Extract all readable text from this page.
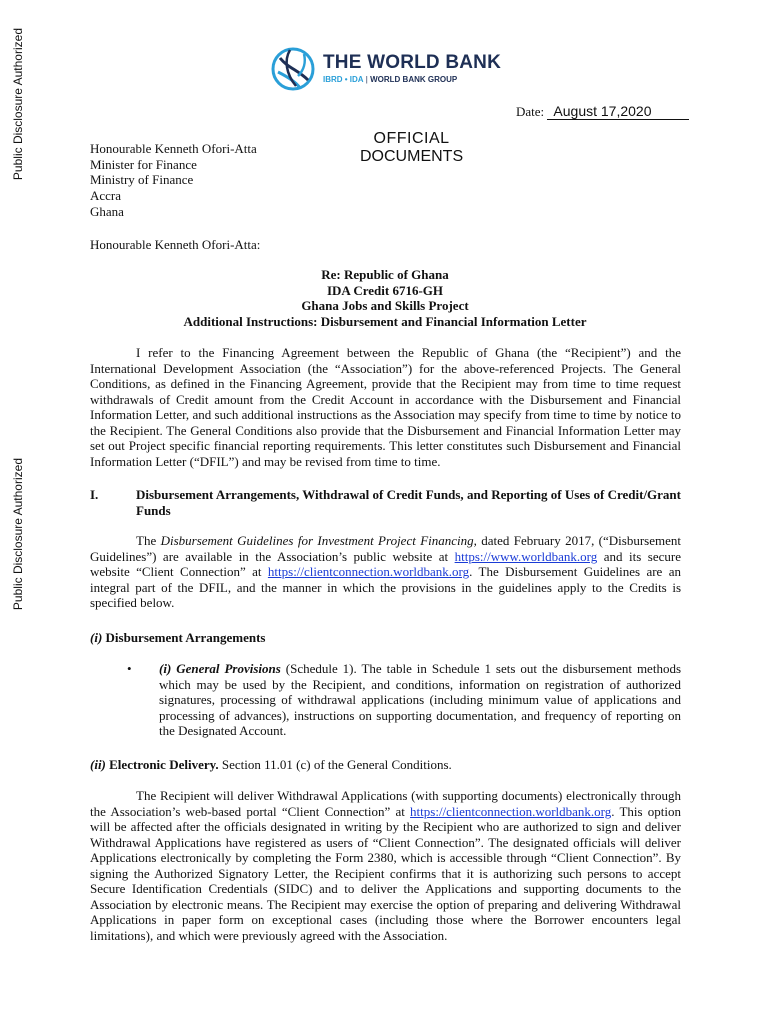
Public Disclosure Authorized
Public Disclosure Authorized
THE WORLD BANK
IBRD • IDA | WORLD BANK GROUP
Date: August 17,2020
OFFICIAL
DOCUMENTS
Honourable Kenneth Ofori-Atta
Minister for Finance
Ministry of Finance
Accra
Ghana
Honourable Kenneth Ofori-Atta:
Re: Republic of Ghana
IDA Credit 6716-GH
Ghana Jobs and Skills Project
Additional Instructions: Disbursement and Financial Information Letter

I refer to the Financing Agreement between the Republic of Ghana (the “Recipient”) and the International Development Association (the “Association”) for the above-referenced Projects. The General Conditions, as defined in the Financing Agreement, provide that the Recipient may from time to time request withdrawals of Credit amount from the Credit Account in accordance with the Disbursement and Financial Information Letter, and such additional instructions as the Association may specify from time to time by notice to the Recipient. The General Conditions also provide that the Disbursement and Financial Information Letter may set out Project specific financial reporting requirements. This letter constitutes such Disbursement and Financial Information Letter (“DFIL”) and may be revised from time to time.

I.	Disbursement Arrangements, Withdrawal of Credit Funds, and Reporting of Uses of Credit/Grant Funds

The Disbursement Guidelines for Investment Project Financing, dated February 2017, (“Disbursement Guidelines”) are available in the Association’s public website at https://www.worldbank.org and its secure website “Client Connection” at https://clientconnection.worldbank.org. The Disbursement Guidelines are an integral part of the DFIL, and the manner in which the provisions in the guidelines apply to the Credits is specified below.

(i) Disbursement Arrangements
• (i) General Provisions (Schedule 1). The table in Schedule 1 sets out the disbursement methods which may be used by the Recipient, and conditions, information on registration of authorized signatures, processing of withdrawal applications (including minimum value of applications and processing of advances), instructions on supporting documentation, and frequency of reporting on the Designated Account.

(ii) Electronic Delivery. Section 11.01 (c) of the General Conditions.

The Recipient will deliver Withdrawal Applications (with supporting documents) electronically through the Association’s web-based portal “Client Connection” at https://clientconnection.worldbank.org. This option will be affected after the officials designated in writing by the Recipient who are authorized to sign and deliver Withdrawal Applications have registered as users of “Client Connection”. The designated officials will deliver Applications electronically by completing the Form 2380, which is accessible through “Client Connection”. By signing the Authorized Signatory Letter, the Recipient confirms that it is authorizing such persons to accept Secure Identification Credentials (SIDC) and to deliver the Applications and supporting documents to the Association by electronic means. The Recipient may exercise the option of preparing and delivering Withdrawal Applications in paper form on exceptional cases (including those where the Borrower encounters legal limitations), and which were previously agreed with the Association.
